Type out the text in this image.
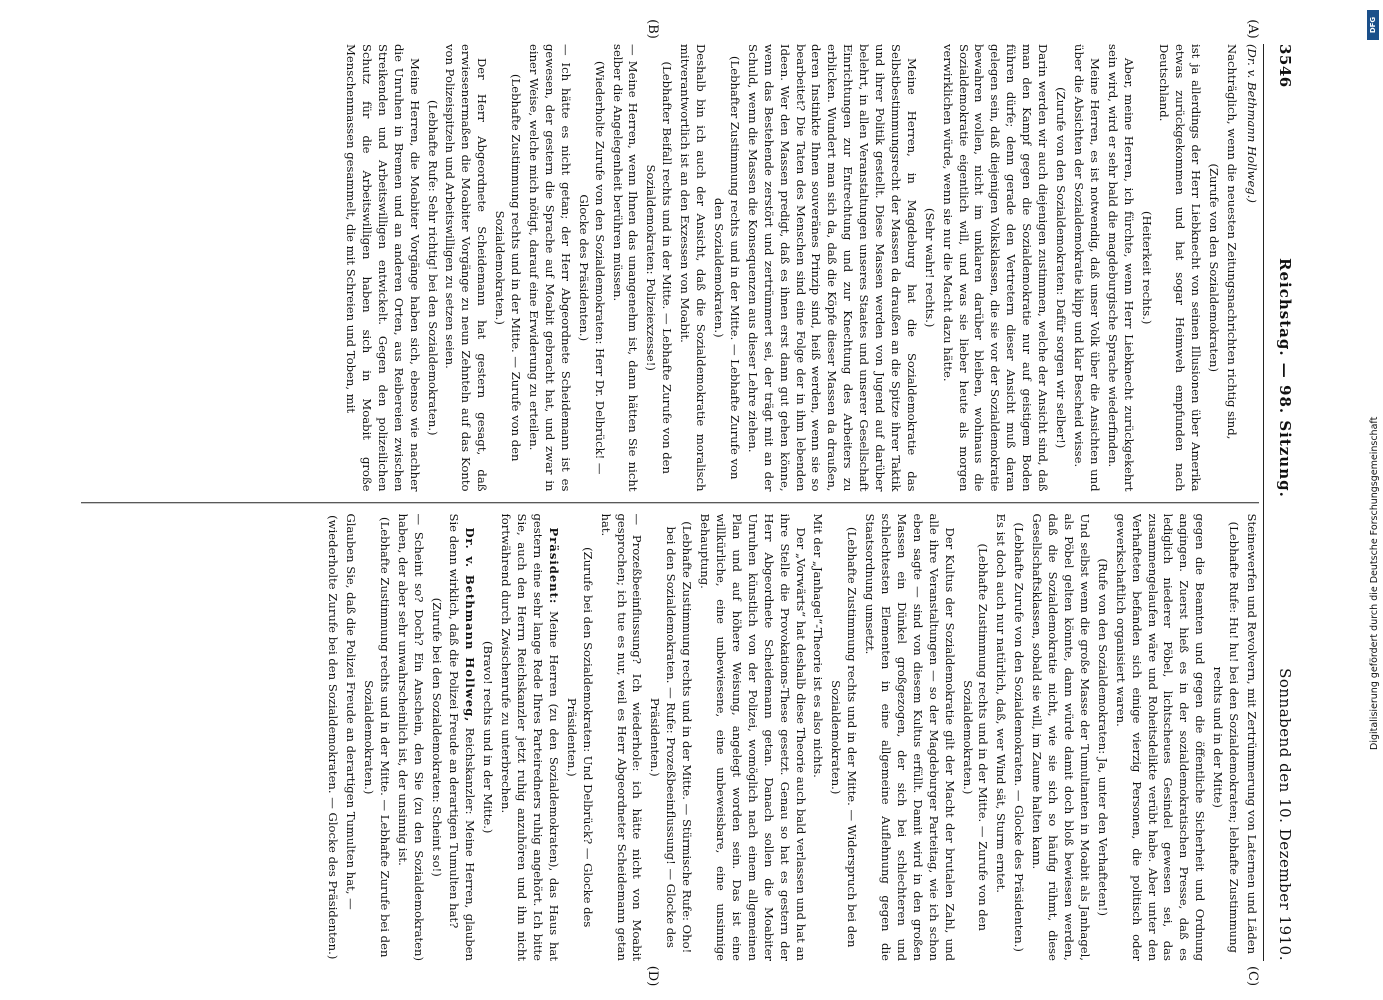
3546
Reichstag. — 98. Sitzung.
Sonnabend den 10. Dezember 1910.

(Dr. v. Bethmann Hollweg.)

Nachträglich, wenn die neuesten Zeitungsnachrichten richtig sind,

(Zurufe von den Sozialdemokraten)

ist ja allerdings der Herr Liebknecht von seinen Illusionen über Amerika etwas zurückgekommen und hat sogar Heimweh empfunden nach Deutschland.

(Heiterkeit rechts.)

Aber, meine Herren, ich fürchte, wenn Herr Liebknecht zurückgekehrt sein wird, wird er sehr bald die magdeburgische Sprache wiederfinden.

Meine Herren, es ist notwendig, daß unser Volk über die Ansichten und über die Absichten der Sozialdemokratie klipp und klar Bescheid wisse.

(Zurufe von den Sozialdemokraten: Dafür sorgen wir selber!)

Darin werden wir auch diejenigen zustimmen, welche der Ansicht sind, daß man den Kampf gegen die Sozialdemokratie nur auf geistigem Boden führen dürfe; denn gerade den Vertretern dieser Ansicht muß daran gelegen sein, daß diejenigen Volksklassen, die sie vor der Sozialdemokratie bewahren wollen, nicht im unklaren darüber bleiben, wohinaus die Sozialdemokratie eigentlich will, und was sie lieber heute als morgen verwirklichen würde, wenn sie nur die Macht dazu hätte.

(Sehr wahr! rechts.)

Meine Herren, in Magdeburg hat die Sozialdemokratie das Selbstbestimmungsrecht der Massen da draußen an die Spitze ihrer Taktik und ihrer Politik gestellt. Diese Massen werden von Jugend auf darüber belehrt, in allen Veranstaltungen unseres Staates und unserer Gesellschaft Einrichtungen zur Entrechtung und zur Knechtung des Arbeiters zu erblicken. Wundert man sich da, daß die Köpfe dieser Massen da draußen, deren Instinkte Ihnen souveränes Prinzip sind, heiß werden, wenn sie so bearbeitet? Die Taten des Menschen sind eine Folge der in ihm lebenden Ideen. Wer den Massen predigt, daß es ihnen erst dann gut gehen könne, wenn das Bestehende zerstört und zertrümmert sei, der trägt mit an der Schuld, wenn die Massen die Konsequenzen aus dieser Lehre ziehen.

(Lebhafter Zustimmung rechts und in der Mitte. — Lebhafte Zurufe von den Sozialdemokraten.)

Deshalb bin ich auch der Ansicht, daß die Sozialdemokratie moralisch mitverantwortlich ist an den Exzessen von Moabit.

(Lebhafter Beifall rechts und in der Mitte. — Lebhafte Zurufe von den Sozialdemokraten: Polizeiexzesse!)

— Meine Herren, wenn Ihnen das unangenehm ist, dann hätten Sie nicht selber die Angelegenheit berühren müssen.

(Wiederholte Zurufe von den Sozialdemokraten: Herr Dr. Delbrück! — Glocke des Präsidenten.)

— Ich hätte es nicht getan; der Herr Abgeordnete Scheidemann ist es gewesen, der gestern die Sprache auf Moabit gebracht hat, und zwar in einer Weise, welche mich nötigt, darauf eine Erwiderung zu erteilen.

(Lebhafte Zustimmung rechts und in der Mitte. — Zurufe von den Sozialdemokraten.)

Der Herr Abgeordnete Scheidemann hat gestern gesagt, daß erwiesenermaßen die Moabiter Vorgänge zu neun Zehnteln auf das Konto von Polizeispitzeln und Arbeitswilligen zu setzen seien.

(Lebhafte Rufe: Sehr richtig! bei den Sozialdemokraten.)

Meine Herren, die Moabiter Vorgänge haben sich, ebenso wie nachher die Unruhen in Bremen und an anderen Orten, aus Reibereien zwischen Streikenden und Arbeitswilligen entwickelt. Gegen den polizeilichen Schutz für die Arbeitswilligen haben sich in Moabit große Menschenmassen gesammelt, die mit Schreien und Toben, mit

Steinewerfen und Revolvern, mit Zertrümmerung von Laternen und Läden

(Lebhafte Rufe: Hu! hu! bei den Sozialdemokraten; lebhafte Zustimmung rechts und in der Mitte)

gegen die Beamten und gegen die öffentliche Sicherheit und Ordnung angingen. Zuerst hieß es in der sozialdemokratischen Presse, daß es lediglich niederer Pöbel, lichtscheues Gesindel gewesen sei, das zusammengelaufen wäre und Roheitsdelikte verübt habe. Aber unter den Verhafteten befanden sich einige vierzig Personen, die politisch oder gewerkschaftlich organisiert waren.

(Rufe von den Sozialdemokraten: Ja, unter den Verhafteten!)

Und selbst wenn die große Masse der Tumultanten in Moabit als Janhagel, als Pöbel gelten könnte, dann würde damit doch bloß bewiesen werden, daß die Sozialdemokratie nicht, wie sie sich so häufig rühmt, diese Gesellschaftsklassen, sobald sie will, im Zaume halten kann.

(Lebhafte Zurufe von den Sozialdemokraten. — Glocke des Präsidenten.)

Es ist doch auch nur natürlich, daß, wer Wind sät, Sturm erntet.

(Lebhafte Zustimmung rechts und in der Mitte. — Zurufe von den Sozialdemokraten.)

Der Kultus der Sozialdemokratie gilt der Macht der brutalen Zahl, und alle ihre Veranstaltungen — so der Magdeburger Parteitag, wie ich schon eben sagte — sind von diesem Kultus erfüllt. Damit wird in den großen Massen ein Dünkel großgezogen, der sich bei schlechteren und schlechtesten Elementen in eine allgemeine Auflehnung gegen die Staatsordnung umsetzt.

(Lebhafte Zustimmung rechts und in der Mitte. — Widerspruch bei den Sozialdemokraten.)

Mit der „Janhagel“-Theorie ist es also nichts.

Der „Vorwärts“ hat deshalb diese Theorie auch bald verlassen und hat an ihre Stelle die Provokations-These gesetzt. Genau so hat es gestern der Herr Abgeordnete Scheidemann getan. Danach sollen die Moabiter Unruhen künstlich von der Polizei, womöglich nach einem allgemeinen Plan und auf höhere Weisung, angelegt worden sein. Das ist eine willkürliche, eine unbewiesene, eine unbeweisbare, eine unsinnige Behauptung.

(Lebhafte Zustimmung rechts und in der Mitte. — Stürmische Rufe: Oho! bei den Sozialdemokraten. — Rufe: Prozeßbeeinflussung! — Glocke des Präsidenten.)

— Prozeßbeeinflussung? Ich wiederhole: ich hätte nicht von Moabit gesprochen; ich tue es nur, weil es Herr Abgeordneter Scheidemann getan hat.

(Zurufe bei den Sozialdemokraten: Und Delbrück? — Glocke des Präsidenten.)

Präsident: Meine Herren (zu den Sozialdemokraten), das Haus hat gestern eine sehr lange Rede Ihres Parteiredners ruhig angehört. Ich bitte Sie, auch den Herrn Reichskanzler jetzt ruhig anzuhören und ihn nicht fortwährend durch Zwischenrufe zu unterbrechen.

(Bravo! rechts und in der Mitte.)

Dr. v. Bethmann Hollweg, Reichskanzler: Meine Herren, glauben Sie denn wirklich, daß die Polizei Freude an derartigen Tumulten hat?

(Zurufe bei den Sozialdemokraten: Scheint so!)

— Scheint so? Doch? Ein Anschein, den Sie (zu den Sozialdemokraten) haben, der aber sehr unwahrscheinlich ist, der unsinnig ist.

(Lebhafte Zustimmung rechts und in der Mitte. — Lebhafte Zurufe bei den Sozialdemokraten.)

Glauben Sie, daß die Polizei Freude an derartigen Tumulten hat, —

(wiederholte Zurufe bei den Sozialdemokraten. — Glocke des Präsidenten.)

(A)
(B)
(C)
(D)
DFG
Digitalisierung gefördert durch die Deutsche Forschungsgemeinschaft
